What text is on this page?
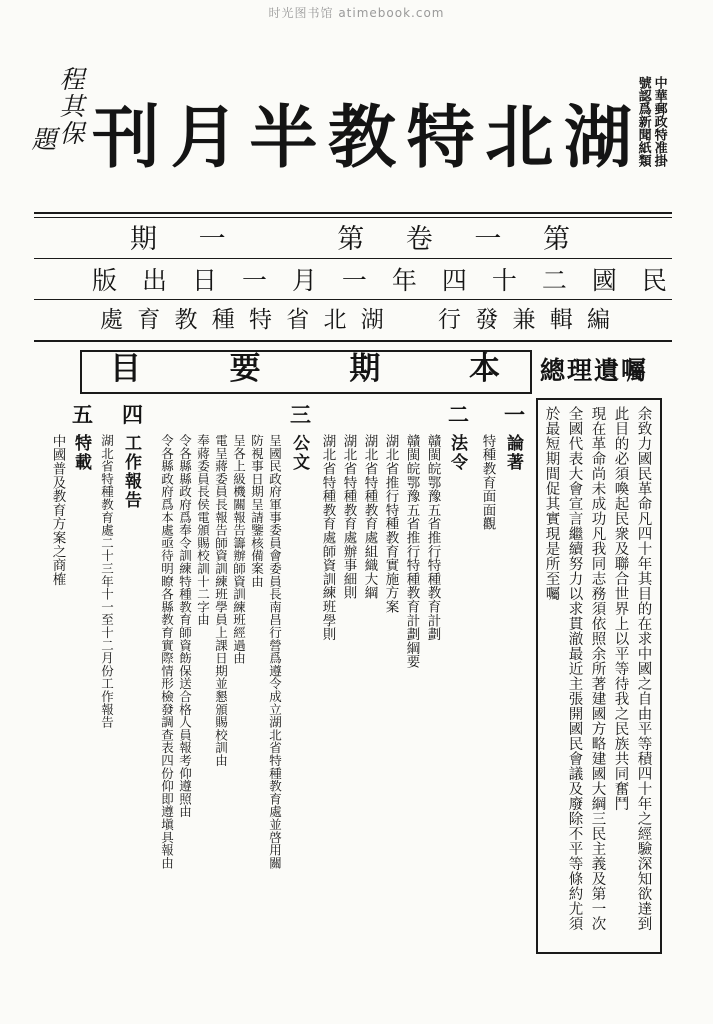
时光图书馆 atimebook.com
程其保
題	湖
北
特
教
半
月
刊	中華郵政特准掛
號認爲新聞紙類
第
一
卷
第
一
期
民
國
二
十
四
年
一
月
一
日
出
版
編
輯
兼
發
行
湖
北
省
特
種
教
育
處
本
期
要
目	總理遺囑
余致力國民革命凡四十年其目的在求中國之自由平等積四十年之經驗深知欲達到
此目的必須喚起民衆及聯合世界上以平等待我之民族共同奮鬥
現在革命尚未成功凡我同志務須依照余所著建國方略建國大綱三民主義及第一次
全國代表大會宣言繼續努力以求貫澈最近主張開國民會議及廢除不平等條約尤須
於最短期間促其實現是所至囑
一
論著
特種教育面面觀
二
法令
贛閩皖鄂豫五省推行特種教育計劃
贛閩皖鄂豫五省推行特種教育計劃綱要
湖北省推行特種教育實施方案
湖北省特種教育處組織大綱
湖北省特種教育處辦事細則
湖北省特種教育處師資訓練班學則
三
公文
呈國民政府軍事委員會委員長南昌行營爲遵令成立湖北省特種教育處並啓用關
防視事日期呈請鑒核備案由
呈各上級機關報告籌辦師資訓練班經過由
電呈蔣委員長報告師資訓練班學員上課日期並懇頒賜校訓由
奉蔣委員長侯電頒賜校訓十二字由
令各縣縣政府爲奉令訓練特種教育師資飭保送合格人員報考仰遵照由
令各縣政府爲本處亟待明瞭各縣教育實際情形檢發調查表四份仰即遵塡具報由
四
工作報告
湖北省特種教育處二十三年十一至十二月份工作報告
五
特載
中國普及教育方案之商榷
